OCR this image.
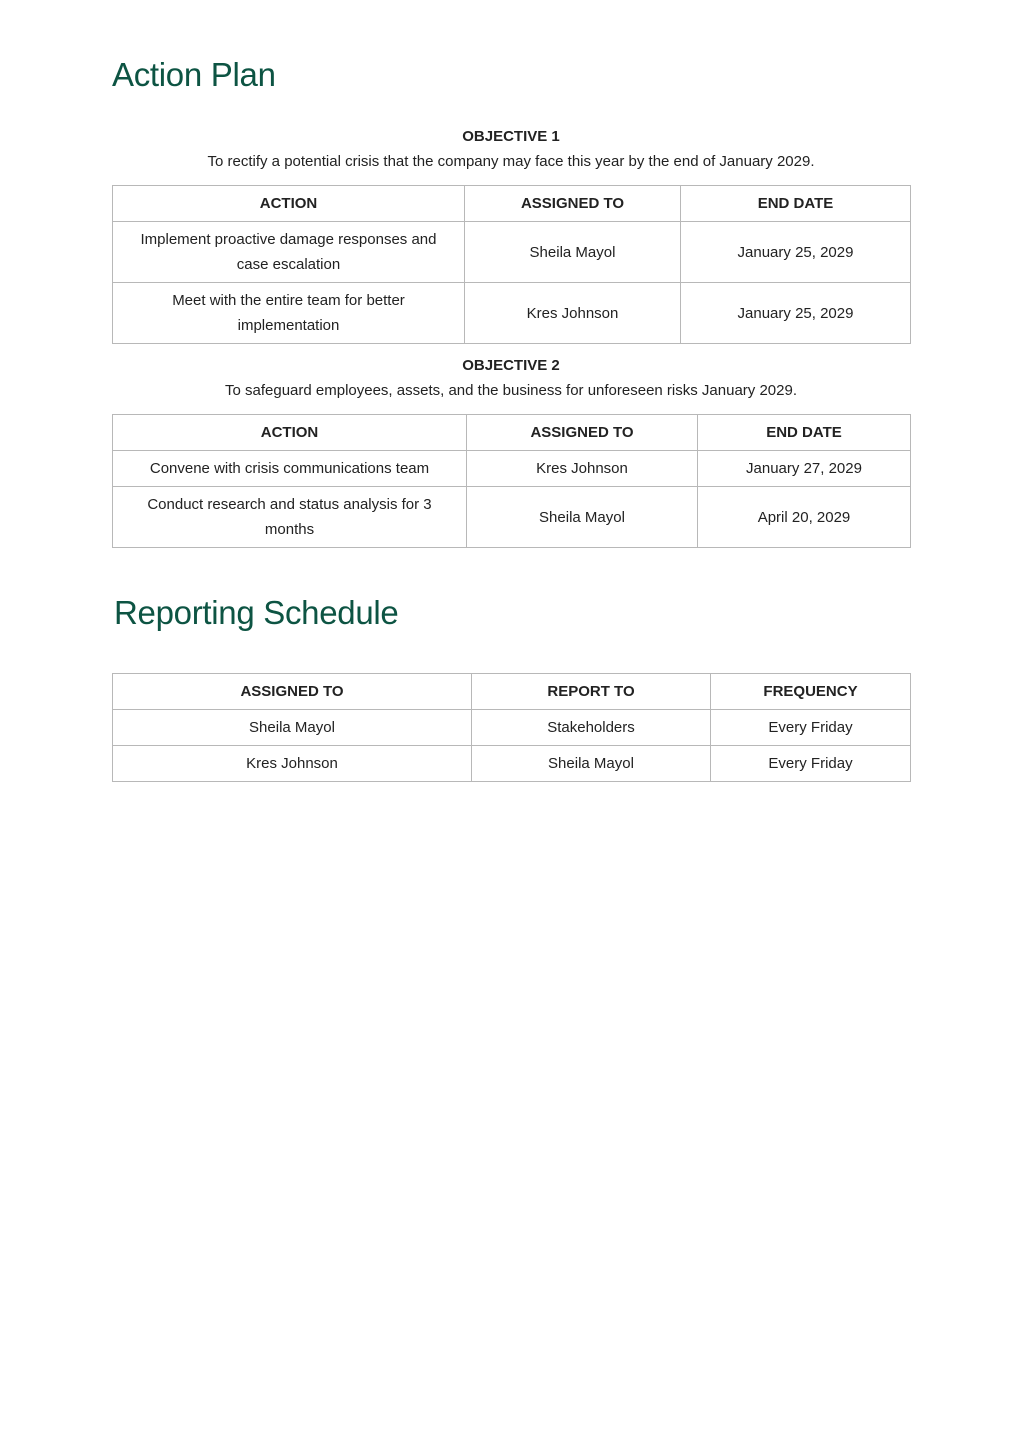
Action Plan
OBJECTIVE 1
To rectify a potential crisis that the company may face this year by the end of January 2029.
ACTION	ASSIGNED TO	END DATE
Implement proactive damage responses and case escalation	Sheila Mayol	January 25, 2029
Meet with the entire team for better implementation	Kres Johnson	January 25, 2029
OBJECTIVE 2
To safeguard employees, assets, and the business for unforeseen risks January 2029.
ACTION	ASSIGNED TO	END DATE
Convene with crisis communications team	Kres Johnson	January 27, 2029
Conduct research and status analysis for 3 months	Sheila Mayol	April 20, 2029
Reporting Schedule
ASSIGNED TO	REPORT TO	FREQUENCY
Sheila Mayol	Stakeholders	Every Friday
Kres Johnson	Sheila Mayol	Every Friday
